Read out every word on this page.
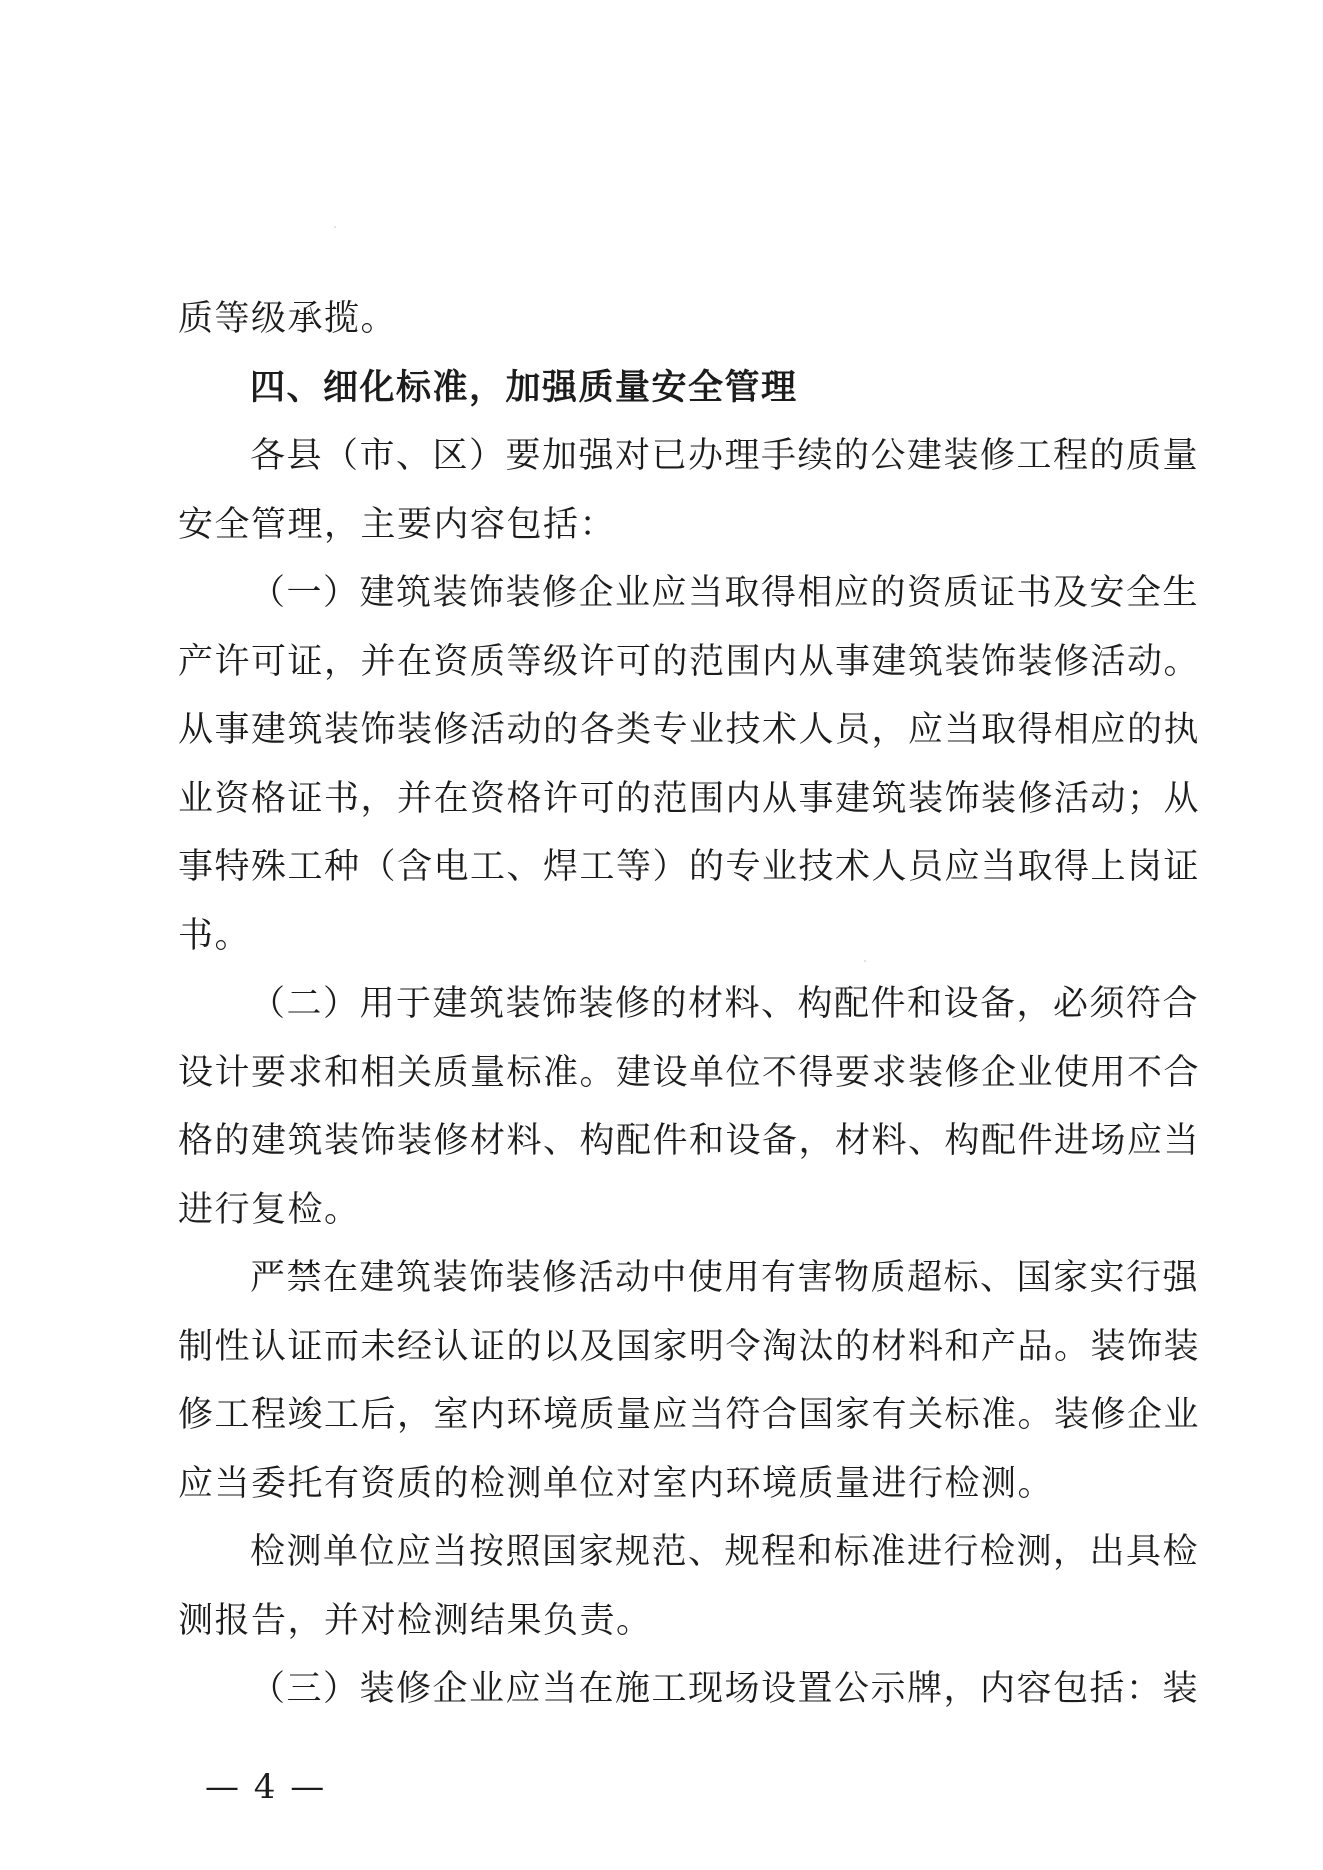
质等级承揽。
四、细化标准，加强质量安全管理
各县（市、区）要加强对已办理手续的公建装修工程的质量
安全管理，主要内容包括：
（一）建筑装饰装修企业应当取得相应的资质证书及安全生
产许可证，并在资质等级许可的范围内从事建筑装饰装修活动。
从事建筑装饰装修活动的各类专业技术人员，应当取得相应的执
业资格证书，并在资格许可的范围内从事建筑装饰装修活动；从
事特殊工种（含电工、焊工等）的专业技术人员应当取得上岗证
书。
（二）用于建筑装饰装修的材料、构配件和设备，必须符合
设计要求和相关质量标准。建设单位不得要求装修企业使用不合
格的建筑装饰装修材料、构配件和设备，材料、构配件进场应当
进行复检。
严禁在建筑装饰装修活动中使用有害物质超标、国家实行强
制性认证而未经认证的以及国家明令淘汰的材料和产品。装饰装
修工程竣工后，室内环境质量应当符合国家有关标准。装修企业
应当委托有资质的检测单位对室内环境质量进行检测。
检测单位应当按照国家规范、规程和标准进行检测，出具检
测报告，并对检测结果负责。
（三）装修企业应当在施工现场设置公示牌，内容包括：装
— 4 —
